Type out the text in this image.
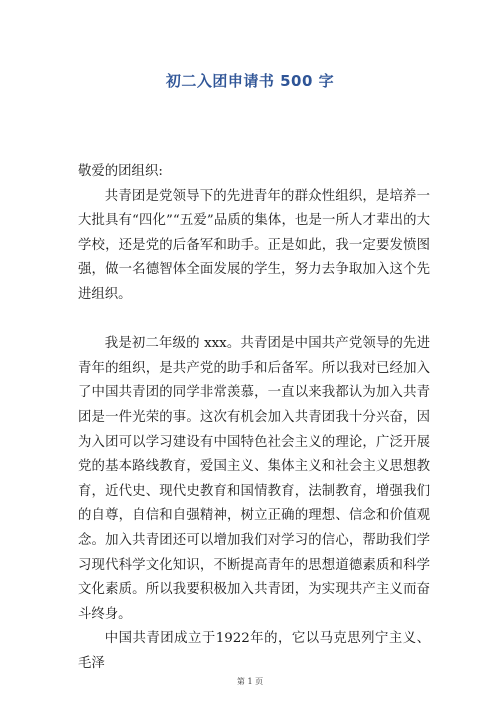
初二入团申请书 500 字

敬爱的团组织:

共青团是党领导下的先进青年的群众性组织，是培养一大批具有“四化”“五爱”品质的集体，也是一所人才辈出的大学校，还是党的后备军和助手。正是如此，我一定要发愤图强，做一名德智体全面发展的学生，努力去争取加入这个先进组织。

我是初二年级的 xxx。共青团是中国共产党领导的先进青年的组织，是共产党的助手和后备军。所以我对已经加入了中国共青团的同学非常羡慕，一直以来我都认为加入共青团是一件光荣的事。这次有机会加入共青团我十分兴奋，因为入团可以学习建设有中国特色社会主义的理论，广泛开展党的基本路线教育，爱国主义、集体主义和社会主义思想教育，近代史、现代史教育和国情教育，法制教育，增强我们的自尊，自信和自强精神，树立正确的理想、信念和价值观念。加入共青团还可以增加我们对学习的信心，帮助我们学习现代科学文化知识，不断提高青年的思想道德素质和科学文化素质。所以我要积极加入共青团，为实现共产主义而奋斗终身。

中国共青团成立于1922年的，它以马克思列宁主义、毛泽

第 1 页
